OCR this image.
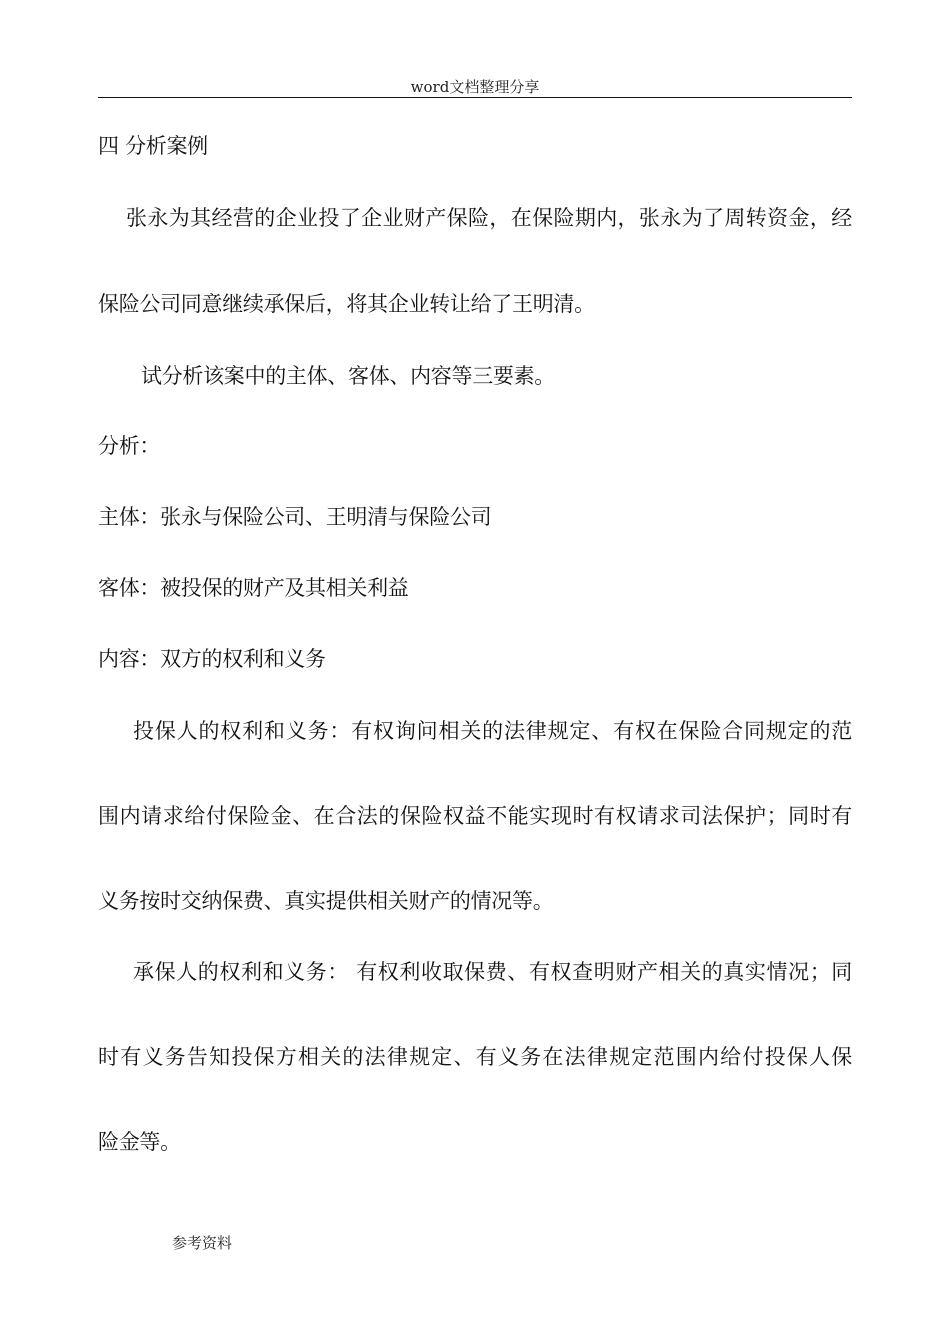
word文档整理分享
四 分析案例
张永为其经营的企业投了企业财产保险，在保险期内，张永为了周转资金，经
保险公司同意继续承保后，将其企业转让给了王明清。
试分析该案中的主体、客体、内容等三要素。
分析：
主体：张永与保险公司、王明清与保险公司
客体：被投保的财产及其相关利益
内容：双方的权利和义务
投保人的权利和义务：有权询问相关的法律规定、有权在保险合同规定的范
围内请求给付保险金、在合法的保险权益不能实现时有权请求司法保护；同时有
义务按时交纳保费、真实提供相关财产的情况等。
承保人的权利和义务： 有权利收取保费、有权查明财产相关的真实情况；同
时有义务告知投保方相关的法律规定、有义务在法律规定范围内给付投保人保
险金等。
参考资料
